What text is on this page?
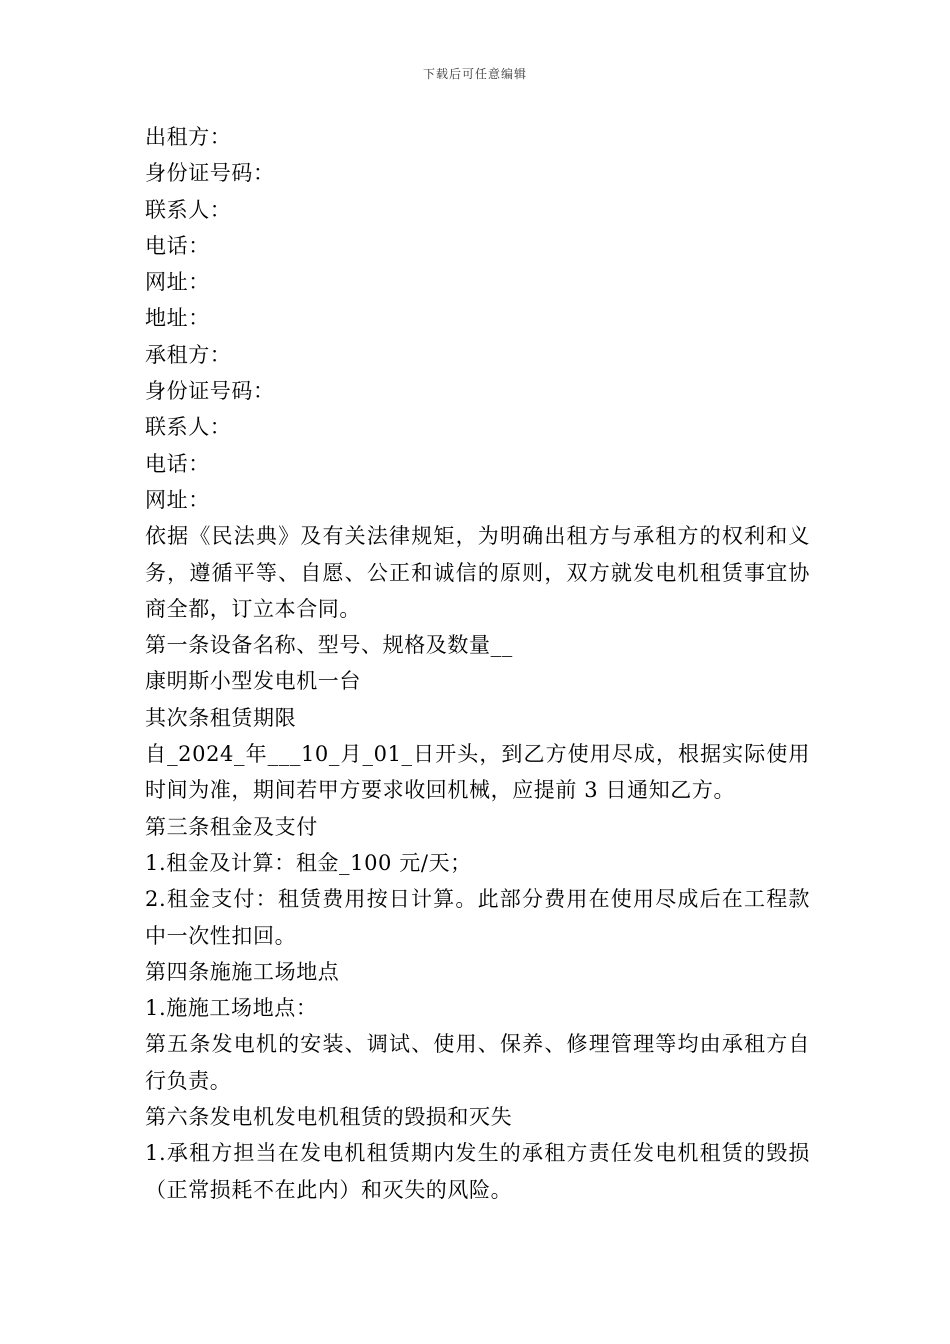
下载后可任意编辑
出租方：
身份证号码：
联系人：
电话：
网址：
地址：
承租方：
身份证号码：
联系人：
电话：
网址：
依据《民法典》及有关法律规矩，为明确出租方与承租方的权利和义务，遵循平等、自愿、公正和诚信的原则，双方就发电机租赁事宜协商全都，订立本合同。
第一条设备名称、型号、规格及数量__
康明斯小型发电机一台
其次条租赁期限
自_2024_年___10_月_01_日开头，到乙方使用尽成，根据实际使用时间为准，期间若甲方要求收回机械，应提前 3 日通知乙方。
第三条租金及支付
1.租金及计算：租金_100 元/天；
2.租金支付：租赁费用按日计算。此部分费用在使用尽成后在工程款中一次性扣回。
第四条施施工场地点
1.施施工场地点：
第五条发电机的安装、调试、使用、保养、修理管理等均由承租方自行负责。
第六条发电机发电机租赁的毁损和灭失
1.承租方担当在发电机租赁期内发生的承租方责任发电机租赁的毁损（正常损耗不在此内）和灭失的风险。
